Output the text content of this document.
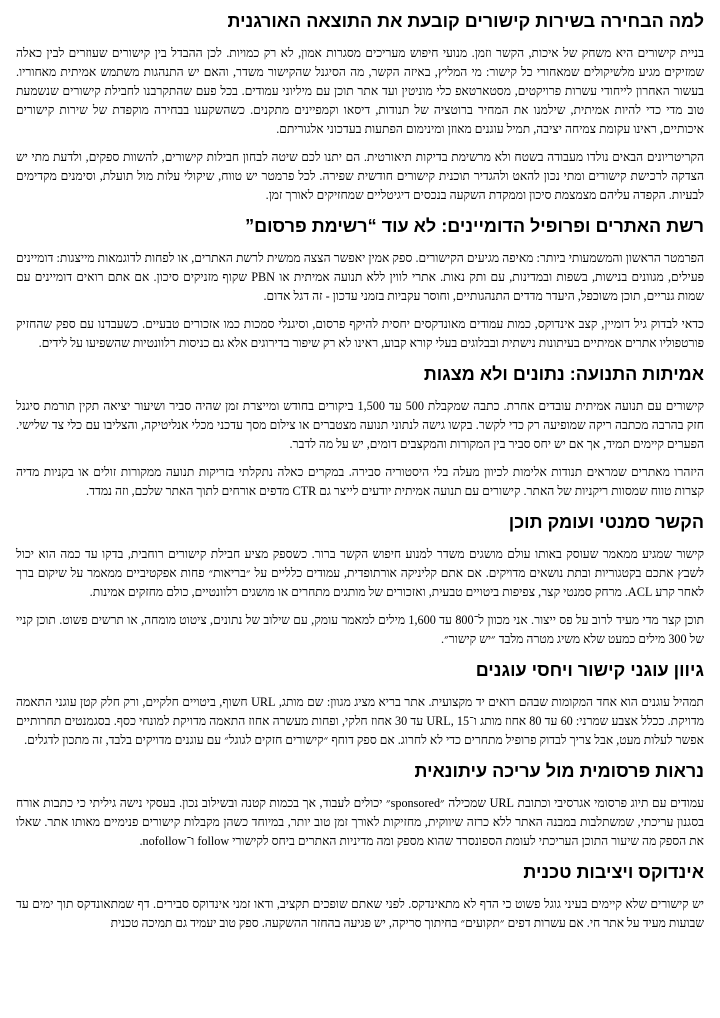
למה הבחירה בשירות קישורים קובעת את התוצאה האורגנית

בניית קישורים היא משחק של איכות, הקשר וזמן. מנועי חיפוש מעריכים מסגרות אמון, לא רק כמויות. לכן ההבדל בין קישורים שעוזרים לבין כאלה שמזיקים מגיע מלשיקולים שמאחורי כל קישור: מי המליץ, באיזה הקשר, מה הסיגנל שהקישור משדר, והאם יש התנהגות משתמש אמיתית מאחוריו. בעשור האחרון לייחודי עשרות פרויקטים, מסטארטאפ כלי מוניטין ועד אתר תוכן עם מיליוני עמודים. בכל פעם שהתקרבנו לחבילת קישורים שנשמעת טוב מדי כדי להיות אמיתית, שילמנו את המחיר ברוטציה של תנודות, דיסאו וקמפיינים מתקנים. כשהשקענו בבחירה מוקפדת של שירות קישורים איכותיים, ראינו עקומת צמיחה יציבה, תמיל עוגנים מאוזן ומינימום הפתעות בעדכוני אלגוריתם.

הקריטריונים הבאים נולדו מעבודה בשטח ולא מרשימת בדיקות תיאורטית. הם יתנו לכם שיטה לבחון חבילות קישורים, להשוות ספקים, ולדעת מתי יש הצדקה לרכישת קישורים ומתי נכון להאט ולהגדיר תוכנית קישורים חודשית שפירה. לכל פרמטר יש טווח, שיקולי עלות מול תועלת, וסימנים מקדימים לבעיות. הקפדה עליהם מצמצמת סיכון וממקדת השקעה בנכסים דיגיטליים שמחזיקים לאורך זמן.

רשת האתרים ופרופיל הדומיינים: לא עוד “רשימת פרסום”

הפרמטר הראשון והמשמעותי ביותר: מאיפה מגיעים הקישורים. ספק אמין יאפשר הצצה ממשית לרשת האתרים, או לפחות לדוגמאות מייצגות: דומיינים פעילים, מגוונים בנישות, בשפות ובמדינות, עם ותק נאות. אתרי לווין ללא תנועה אמיתית או PBN שקוף מזניקים סיכון. אם אתם רואים דומיינים עם שמות גנריים, תוכן משוכפל, היעדר מדדים התנהגותיים, וחוסר עקביות בזמני עדכון - זה דגל אדום.

כדאי לבדוק גיל דומיין, קצב אינדוקס, כמות עמודים מאונדקסים יחסית להיקף פרסום, וסיגנלי סמכות כמו אזכורים טבעיים. כשעבדנו עם ספק שהחזיק פורטפוליו אתרים אמיתיים בעיתונות נישתית ובבלוגים בעלי קורא קבוע, ראינו לא רק שיפור בדירוגים אלא גם כניסות רלוונטיות שהשפיעו על לידים.

אמיתות התנועה: נתונים ולא מצגות

קישורים עם תנועה אמיתית עובדים אחרת. כתבה שמקבלת 500 עד 1,500 ביקורים בחודש ומייצרת זמן שהיה סביר ושיעור יציאה תקין תורמת סיגנל חזק בהרבה מכתבה ריקה שמופיעה רק כדי לקשר. בקשו גישה לנתוני תנועה מצטברים או צילום מסך עדכני מכלי אנליטיקה, והצליבו עם כלי צד שלישי. הפערים קיימים תמיד, אך אם יש יחס סביר בין המקורות והמקצבים דומים, יש על מה לדבר.

היזהרו מאתרים שמראים תנודות אלימות לכיוון מעלה בלי היסטוריה סבירה. במקרים כאלה נתקלתי בזריקות תנועה ממקורות זולים או בקניות מדיה קצרות טווח שמסוות ריקניות של האתר. קישורים עם תנועה אמיתית יודעים לייצר גם CTR מדפים אורחים לתוך האתר שלכם, וזה נמדד.

הקשר סמנטי ועומק תוכן

קישור שמגיע ממאמר שעוסק באותו עולם מושגים משדר למנוע חיפוש הקשר ברור. כשספק מציע חבילת קישורים רוחבית, בדקו עד כמה הוא יכול לשבץ אתכם בקטגוריות ובתת נושאים מדויקים. אם אתם קליניקה אורתופדית, עמודים כלליים על ״בריאות״ פחות אפקטיביים ממאמר על שיקום ברך לאחר קרע ACL. מרחק סמנטי קצר, צפיפות ביטויים טבעית, ואזכורים של מותגים מתחרים או מושגים רלוונטיים, כולם מחזקים אמינות.

תוכן קצר מדי מעיד לרוב על פס ייצור. אני מכוון ל־800 עד 1,600 מילים למאמר עומק, עם שילוב של נתונים, ציטוט מומחה, או תרשים פשוט. תוכן קניי של 300 מילים כמעט שלא משיג מטרה מלבד ״יש קישור״.

גיוון עוגני קישור ויחסי עוגנים

תמהיל עוגנים הוא אחד המקומות שבהם רואים יד מקצועית. אתר בריא מציג מגוון: שם מותג, URL חשוף, ביטויים חלקיים, ורק חלק קטן עוגני התאמה מדויקת. ככלל אצבע שמרני: 60 עד 80 אחוז מותג ו־URL, 15 עד 30 אחוז חלקי, ופחות מעשרה אחוז התאמה מדויקת למונחי כסף. בסגמנטים תחרותיים אפשר לעלות מעט, אבל צריך לבדוק פרופיל מתחרים כדי לא לחרוג. אם ספק דוחף ״קישורים חזקים לגוגל״ עם עוגנים מדויקים בלבד, זה מתכון לדגלים.

נראות פרסומית מול עריכה עיתונאית

עמודים עם תיוג פרסומי אגרסיבי וכתובת URL שמכילה ״sponsored״ יכולים לעבוד, אך בכמות קטנה ובשילוב נכון. בעסקי נישה גיליתי כי כתבות אורח בסגנון עריכתי, שמשתלבות במבנה האתר ללא כרזה שיווקית, מחזיקות לאורך זמן טוב יותר, במיוחד כשהן מקבלות קישורים פנימיים מאותו אתר. שאלו את הספק מה שיעור התוכן העריכתי לעומת הספונסרד שהוא מספק ומה מדיניות האתרים ביחס לקישורי follow ו־nofollow.

אינדוקס ויציבות טכנית

יש קישורים שלא קיימים בעיני גוגל פשוט כי הדף לא מתאינדקס. לפני שאתם שופכים תקציב, ודאו זמני אינדוקס סבירים. דף שמתאונדקס תוך ימים עד שבועות מעיד על אתר חי. אם עשרות דפים ״תקועים״ בחיתוך סריקה, יש פגיעה בהחזר ההשקעה. ספק טוב יעמיד גם תמיכה טכנית
